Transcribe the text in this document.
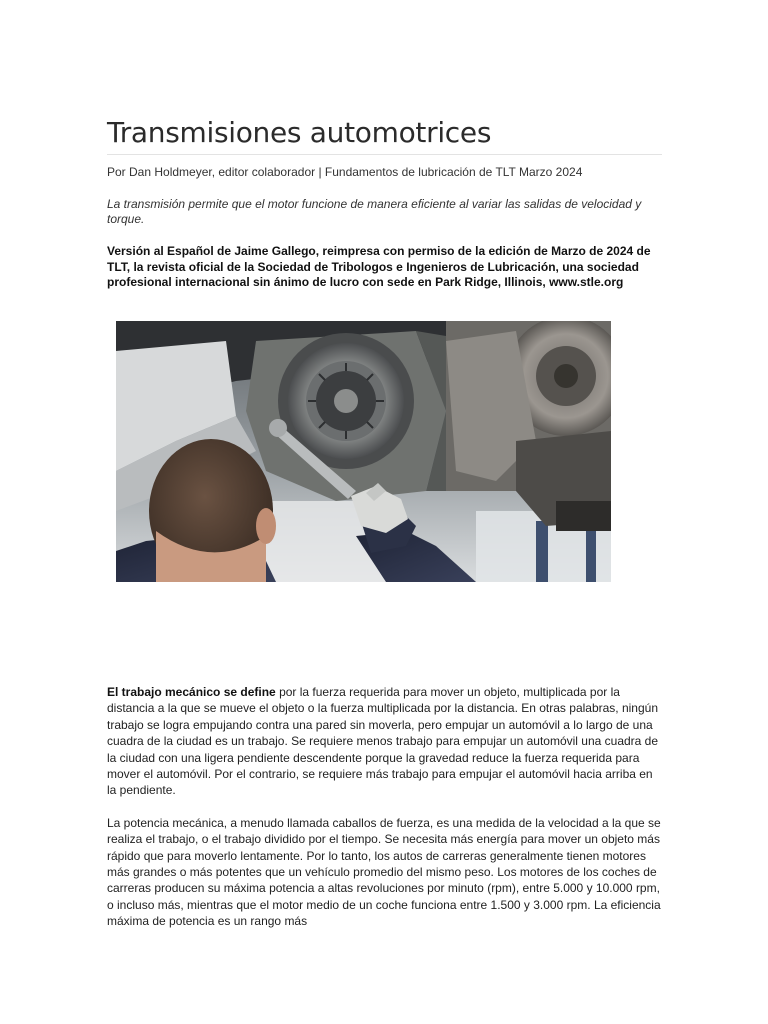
Transmisiones automotrices

Por Dan Holdmeyer, editor colaborador | Fundamentos de lubricación de TLT Marzo 2024

La transmisión permite que el motor funcione de manera eficiente al variar las salidas de velocidad y torque.

Versión al Español de Jaime Gallego, reimpresa con permiso de la edición de Marzo de 2024 de TLT, la revista oficial de la Sociedad de Tribologos e Ingenieros de Lubricación, una sociedad profesional internacional sin ánimo de lucro con sede en Park Ridge, Illinois, www.stle.org

El trabajo mecánico se define por la fuerza requerida para mover un objeto, multiplicada por la distancia a la que se mueve el objeto o la fuerza multiplicada por la distancia. En otras palabras, ningún trabajo se logra empujando contra una pared sin moverla, pero empujar un automóvil a lo largo de una cuadra de la ciudad es un trabajo. Se requiere menos trabajo para empujar un automóvil una cuadra de la ciudad con una ligera pendiente descendente porque la gravedad reduce la fuerza requerida para mover el automóvil. Por el contrario, se requiere más trabajo para empujar el automóvil hacia arriba en la pendiente.

La potencia mecánica, a menudo llamada caballos de fuerza, es una medida de la velocidad a la que se realiza el trabajo, o el trabajo dividido por el tiempo. Se necesita más energía para mover un objeto más rápido que para moverlo lentamente. Por lo tanto, los autos de carreras generalmente tienen motores más grandes o más potentes que un vehículo promedio del mismo peso. Los motores de los coches de carreras producen su máxima potencia a altas revoluciones por minuto (rpm), entre 5.000 y 10.000 rpm, o incluso más, mientras que el motor medio de un coche funciona entre 1.500 y 3.000 rpm. La eficiencia máxima de potencia es un rango más
